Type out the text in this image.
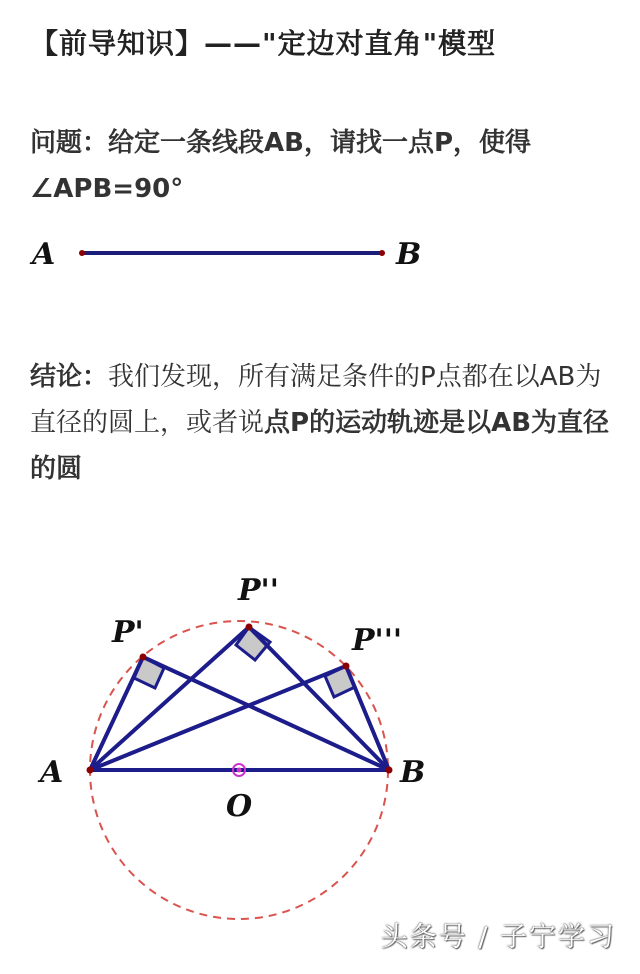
【前导知识】——"定边对直角"模型
问题：给定一条线段AB，请找一点P，使得∠APB=90°
A	B
结论：我们发现，所有满足条件的P点都在以AB为直径的圆上，或者说点P的运动轨迹是以AB为直径的圆
P'
P''
P'''
A	B
O
头条号 / 子宁学习
